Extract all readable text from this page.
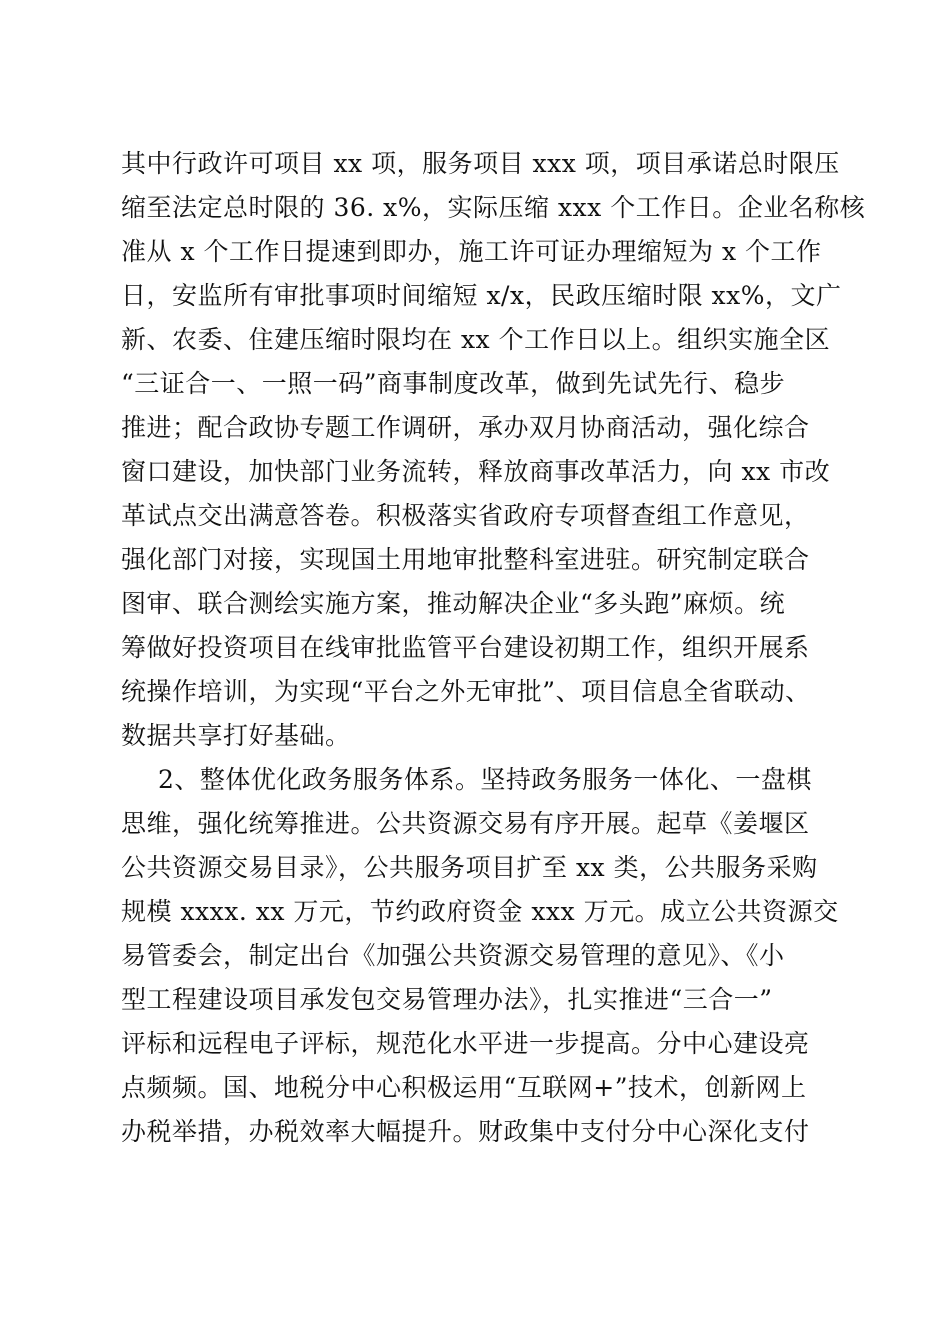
其中行政许可项目 xx 项，服务项目 xxx 项，项目承诺总时限压
缩至法定总时限的 36. x%，实际压缩 xxx 个工作日。企业名称核
准从 x 个工作日提速到即办，施工许可证办理缩短为 x 个工作
日，安监所有审批事项时间缩短 x/x，民政压缩时限 xx%，文广
新、农委、住建压缩时限均在 xx 个工作日以上。组织实施全区
“三证合一、一照一码”商事制度改革，做到先试先行、稳步
推进；配合政协专题工作调研，承办双月协商活动，强化综合
窗口建设，加快部门业务流转，释放商事改革活力，向 xx 市改
革试点交出满意答卷。积极落实省政府专项督查组工作意见，
强化部门对接，实现国土用地审批整科室进驻。研究制定联合
图审、联合测绘实施方案，推动解决企业“多头跑”麻烦。统
筹做好投资项目在线审批监管平台建设初期工作，组织开展系
统操作培训，为实现“平台之外无审批”、项目信息全省联动、
数据共享打好基础。
2、整体优化政务服务体系。坚持政务服务一体化、一盘棋
思维，强化统筹推进。公共资源交易有序开展。起草《姜堰区
公共资源交易目录》，公共服务项目扩至 xx 类，公共服务采购
规模 xxxx. xx 万元，节约政府资金 xxx 万元。成立公共资源交
易管委会，制定出台《加强公共资源交易管理的意见》、《小
型工程建设项目承发包交易管理办法》，扎实推进“三合一”
评标和远程电子评标，规范化水平进一步提高。分中心建设亮
点频频。国、地税分中心积极运用“互联网+”技术，创新网上
办税举措，办税效率大幅提升。财政集中支付分中心深化支付
